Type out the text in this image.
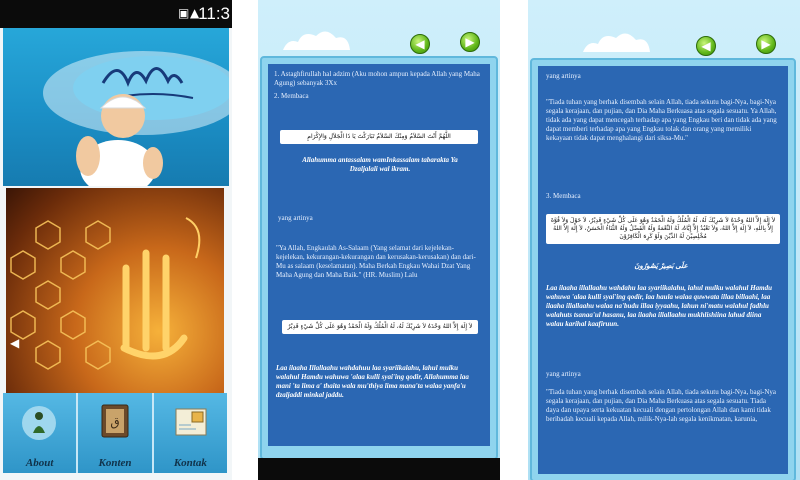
▣ ▲
11:3
◀
About
ق
Konten	Kontak
◀	▶
1. Astaghfirullah hal adzim (Aku mohon ampun kepada Allah yang Maha Agung) sebanyak 3Xx
2. Membaca
اللَّهُمَّ أَنْتَ السَّلاَمُ وَمِنْكَ السَّلاَمُ تَبَارَكْتَ يَا ذَا الْجَلاَلِ وَالإِكْرَامِ
Allahumma antassalam wamInkassalam tabarakta Ya Dzaljalali wal ikram.
yang artinya
"Ya Allah, Engkaulah As-Salaam (Yang selamat dari kejelekan-kejelekan, kekurangan-kekurangan dan kerusakan-kerusakan) dan dari-Mu as salaam (keselamatan). Maha Berkah Engkau Wahai Dzat Yang Maha Agung dan Maha Baik." (HR. Muslim) Lalu
لاَ إِلَهَ إِلاَّ اللهُ وَحْدَهُ لاَ شَرِيْكَ لَهُ، لَهُ الْمُلْكُ وَلَهُ الْحَمْدُ وَهُوَ عَلَى كُلِّ شَيْءٍ قَدِيْرٌ
Laa ilaaha Illallaahu wahdahuu laa syariikalahu, lahul mulku walahul Hamdu wahuwa 'alaa kulli syai'ing qodir, Allahumma laa mani 'ta lima a' thaita wala mu'thiya lima mana'ta walaa yanfa'u dzaljaddi minkal jaddu.
◀	▶
yang artinya
"Tiada tuhan yang berhak disembah selain Allah, tiada sekutu bagi-Nya, bagi-Nya segala kerajaan, dan pujian, dan Dia Maha Berkuasa atas segala sesuatu. Ya Allah, tidak ada yang dapat mencegah terhadap apa yang Engkau beri dan tidak ada yang dapat memberi terhadap apa yang Engkau tolak dan orang yang memiliki kekayaan tidak dapat menghalangi dari siksa-Mu."
3. Membaca
لاَ إِلَهَ إِلاَّ اللهُ وَحْدَهُ لاَ شَرِيْكَ لَهُ، لَهُ الْمُلْكُ وَلَهُ الْحَمْدُ وَهُوَ عَلَى كُلِّ شَيْءٍ قَدِيْرٌ، لاَ حَوْلَ وَلاَ قُوَّةَ إِلاَّ بِاللهِ، لاَ إِلَهَ إِلاَّ اللهُ، وَلاَ نَعْبُدُ إِلاَّ إِيَّاهُ، لَهُ النِّعْمَةُ وَلَهُ الْفَضْلُ وَلَهُ الثَّنَاءُ الْحَسَنُ، لاَ إِلَهَ إِلاَّ اللهُ مُخْلِصِيْنَ لَهُ الدِّيْنَ وَلَوْ كَرِهَ الْكَافِرُوْنَ
علَى بَصِيرْ يَصُورُونَ
Laa ilaaha illallaahu wahdahu laa syariikalahu, lahul mulku walahul Hamdu wahuwa 'alaa kulli syai'ing qodir, laa haula walaa quwwata illaa billaahi, laa ilaaha illallaahu walaa na'budu illaa iyyaahu, lahun ni'matu walahul fadhlu walahuts tsanaa'ul hasanu, laa ilaaha illallaahu mukhlishiina lahud diina walau karihal kaafiruun.
yang artinya
"Tiada tuhan yang berhak disembah selain Allah, tiada sekutu bagi-Nya, bagi-Nya segala kerajaan, dan pujian, dan Dia Maha Berkuasa atas segala sesuatu. Tiada daya dan upaya serta kekuatan kecuali dengan pertolongan Allah dan kami tidak beribadah kecuali kepada Allah, milik-Nya-lah segala kenikmatan, karunia,
